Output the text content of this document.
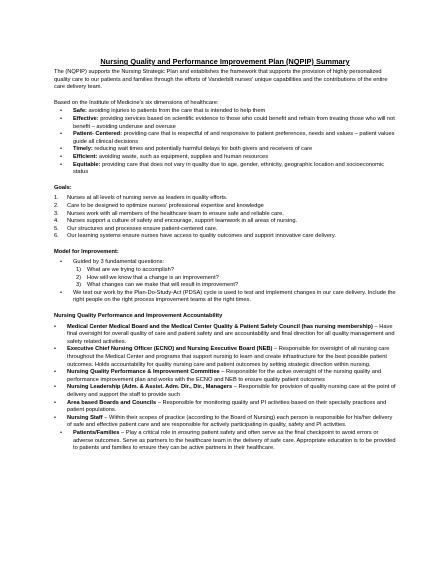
Nursing Quality and Performance Improvement Plan (NQPIP) Summary

The (NQPIP) supports the Nursing Strategic Plan and establishes the framework that supports the provision of highly personalized quality care to our patients and families through the efforts of Vanderbilt nurses' unique capabilities and the contributions of the entire care delivery team.

Based on the Institute of Medicine's six dimensions of healthcare:

•	Safe: avoiding injuries to patients from the care that is intended to help them
•	Effective: providing services based on scientific evidence to those who could benefit and refrain from treating those who will not benefit – avoiding underuse and overuse
•	Patient- Centered: providing care that is respectful of and responsive to patient preferences, needs and values – patient values guide all clinical decisions
•	Timely: reducing wait times and potentially harmful delays for both givers and receivers of care
•	Efficient: avoiding waste, such as equipment, supplies and human resources
•	Equitable: providing care that does not vary in quality due to age, gender, ethnicity, geographic location and socioeconomic status

Goals:

1.	Nurses at all levels of nursing serve as leaders in quality efforts.
2.	Care to be designed to optimize nurses' professional expertise and knowledge
3.	Nurses work with all members of the healthcare team to ensure safe and reliable care.
4.	Nurses support a culture of safety and encourage, support teamwork in all areas of nursing.
5.	Our structures and processes ensure patient-centered care.
6.	Our learning systems ensure nurses have access to quality outcomes and support innovative care delivery.

Model for Improvement:

•	Guided by 3 fundamental questions:
1)	What are we trying to accomplish?
2)	How will we know that a change is an improvement?
3)	What changes can we make that will result in improvement?
•	We test our work by the Plan-Do-Study-Act (PDSA) cycle is used to test and implement changes in our care delivery. Include the right people on the right process improvement teams at the right times.

Nursing Quality Performance and Improvement Accountability

•	Medical Center Medical Board and the Medical Center Quality & Patient Safety Council (has nursing membership) – Have final oversight for overall quality of care and patient safety and are accountability and final direction for all quality management and safety related activities.
•	Executive Chief Nursing Officer (ECNO) and Nursing Executive Board (NEB) – Responsible for oversight of all nursing care throughout the Medical Center and programs that support nursing to learn and create infrastructure for the best possible patient outcomes. Holds accountability for quality nursing care and patient outcomes by setting strategic direction within nursing.
•	Nursing Quality Performance & Improvement Committee – Responsible for the active oversight of the nursing quality and performance improvement plan and works with the ECNO and NEB to ensure quality patient outcomes
•	Nursing Leadership (Adm. & Assist. Adm. Dir., Dir., Managers – Responsible for provision of quality nursing care at the point of delivery and support the staff to provide such
•	Area based Boards and Councils – Responsible for monitoring quality and PI activities based on their specialty practices and patient populations.
•	Nursing Staff – Within their scopes of practice (according to the Board of Nursing) each person is responsible for his/her delivery of safe and effective patient care and are responsible for actively participating in quality, safety and PI activities.
•	Patients/Families – Play a critical role in ensuring patient safety and often serve as the final checkpoint to avoid errors or adverse outcomes. Serve as partners to the healthcare team in the delivery of safe care. Appropriate education is to be provided to patients and families to ensure they can be active partners in their healthcare.
